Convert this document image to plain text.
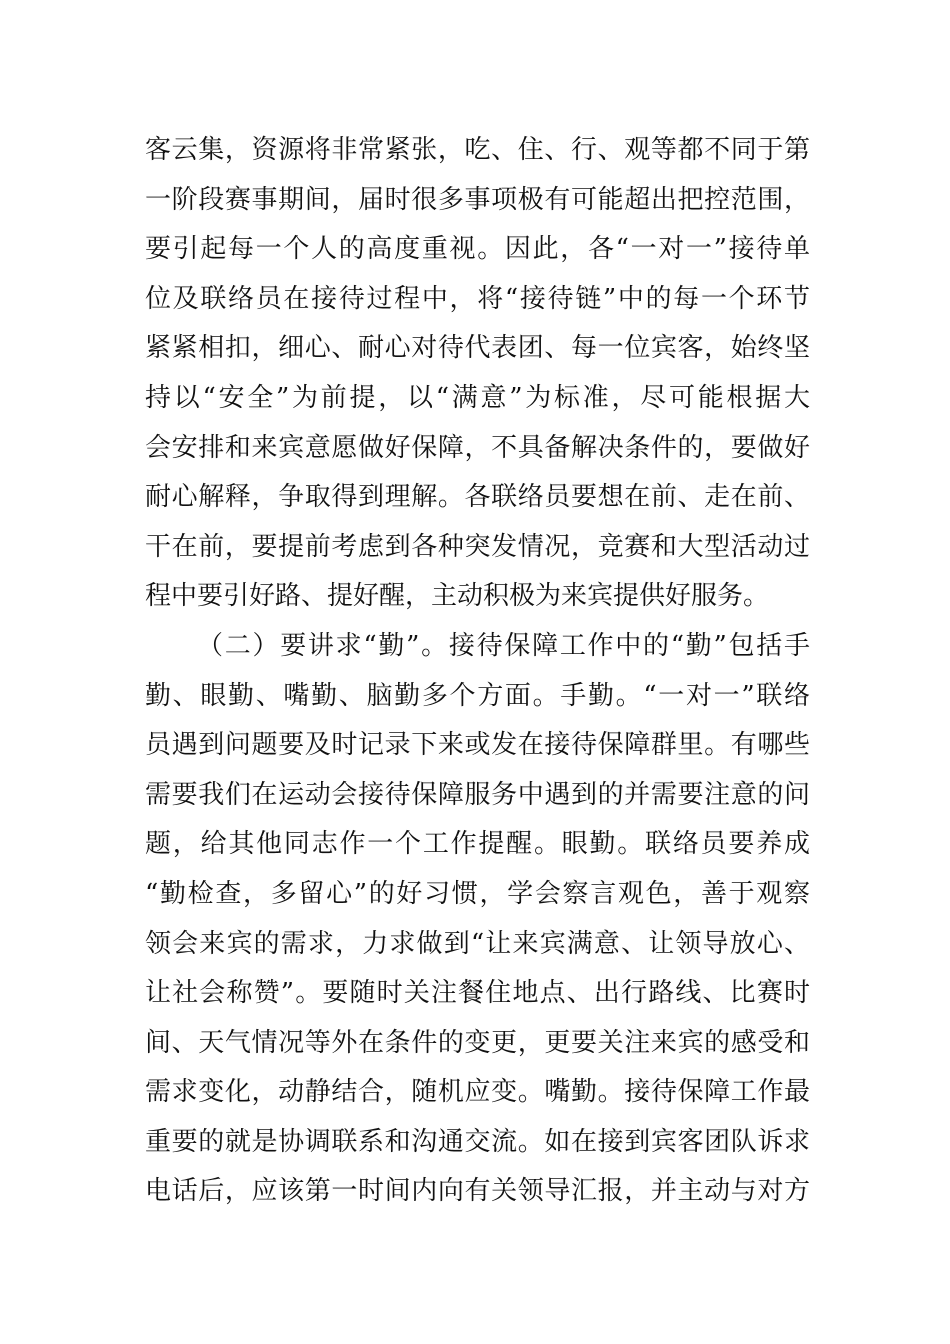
客云集，资源将非常紧张，吃、住、行、观等都不同于第
一阶段赛事期间，届时很多事项极有可能超出把控范围，
要引起每一个人的高度重视。因此，各“一对一”接待单
位及联络员在接待过程中，将“接待链”中的每一个环节
紧紧相扣，细心、耐心对待代表团、每一位宾客，始终坚
持以“安全”为前提，以“满意”为标准，尽可能根据大
会安排和来宾意愿做好保障，不具备解决条件的，要做好
耐心解释，争取得到理解。各联络员要想在前、走在前、
干在前，要提前考虑到各种突发情况，竞赛和大型活动过
程中要引好路、提好醒，主动积极为来宾提供好服务。
（二）要讲求“勤”。接待保障工作中的“勤”包括手
勤、眼勤、嘴勤、脑勤多个方面。手勤。“一对一”联络
员遇到问题要及时记录下来或发在接待保障群里。有哪些
需要我们在运动会接待保障服务中遇到的并需要注意的问
题，给其他同志作一个工作提醒。眼勤。联络员要养成
“勤检查，多留心”的好习惯，学会察言观色，善于观察
领会来宾的需求，力求做到“让来宾满意、让领导放心、
让社会称赞”。要随时关注餐住地点、出行路线、比赛时
间、天气情况等外在条件的变更，更要关注来宾的感受和
需求变化，动静结合，随机应变。嘴勤。接待保障工作最
重要的就是协调联系和沟通交流。如在接到宾客团队诉求
电话后，应该第一时间内向有关领导汇报，并主动与对方
